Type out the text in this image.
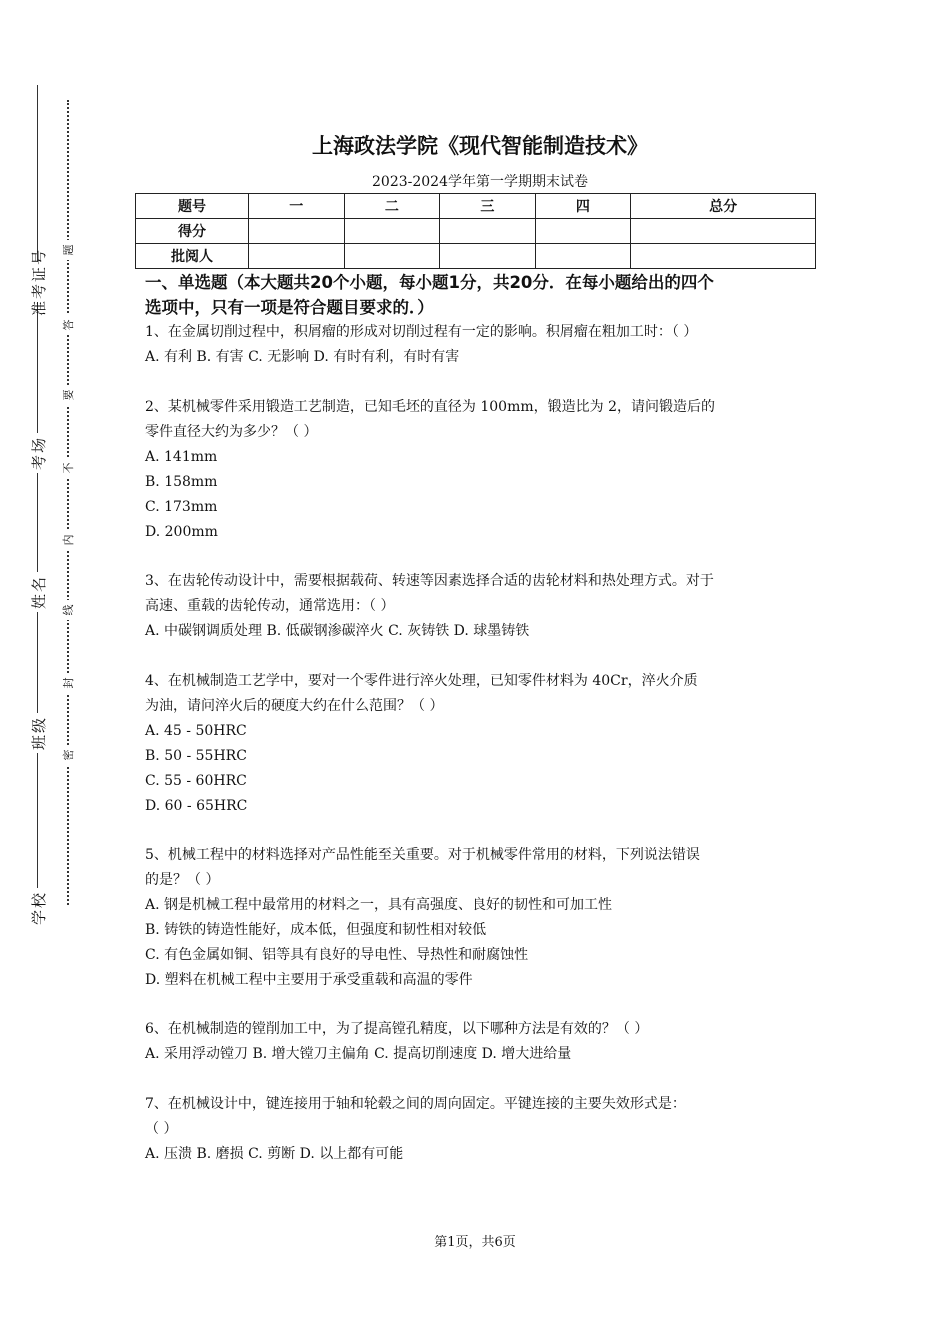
准考证号
考场
姓名
班级
学校
题
答
要
不
内
线
封
密
上海政法学院《现代智能制造技术》
2023-2024学年第一学期期末试卷
题号	一	二	三	四	总分
得分					
批阅人					
一、单选题（本大题共20个小题，每小题1分，共20分．在每小题给出的四个
选项中，只有一项是符合题目要求的．）
1、在金属切削过程中，积屑瘤的形成对切削过程有一定的影响。积屑瘤在粗加工时：（ ）
A. 有利 B. 有害 C. 无影响 D. 有时有利，有时有害
2、某机械零件采用锻造工艺制造，已知毛坯的直径为 100mm，锻造比为 2，请问锻造后的
零件直径大约为多少？（ ）
A. 141mm
B. 158mm
C. 173mm
D. 200mm
3、在齿轮传动设计中，需要根据载荷、转速等因素选择合适的齿轮材料和热处理方式。对于
高速、重载的齿轮传动，通常选用：（ ）
A. 中碳钢调质处理 B. 低碳钢渗碳淬火 C. 灰铸铁 D. 球墨铸铁
4、在机械制造工艺学中，要对一个零件进行淬火处理，已知零件材料为 40Cr，淬火介质
为油，请问淬火后的硬度大约在什么范围？（ ）
A. 45 - 50HRC
B. 50 - 55HRC
C. 55 - 60HRC
D. 60 - 65HRC
5、机械工程中的材料选择对产品性能至关重要。对于机械零件常用的材料，下列说法错误
的是？（ ）
A. 钢是机械工程中最常用的材料之一，具有高强度、良好的韧性和可加工性
B. 铸铁的铸造性能好，成本低，但强度和韧性相对较低
C. 有色金属如铜、铝等具有良好的导电性、导热性和耐腐蚀性
D. 塑料在机械工程中主要用于承受重载和高温的零件
6、在机械制造的镗削加工中，为了提高镗孔精度，以下哪种方法是有效的？（ ）
A. 采用浮动镗刀 B. 增大镗刀主偏角 C. 提高切削速度 D. 增大进给量
7、在机械设计中，键连接用于轴和轮毂之间的周向固定。平键连接的主要失效形式是：
（ ）
A. 压溃 B. 磨损 C. 剪断 D. 以上都有可能
第1页，共6页
